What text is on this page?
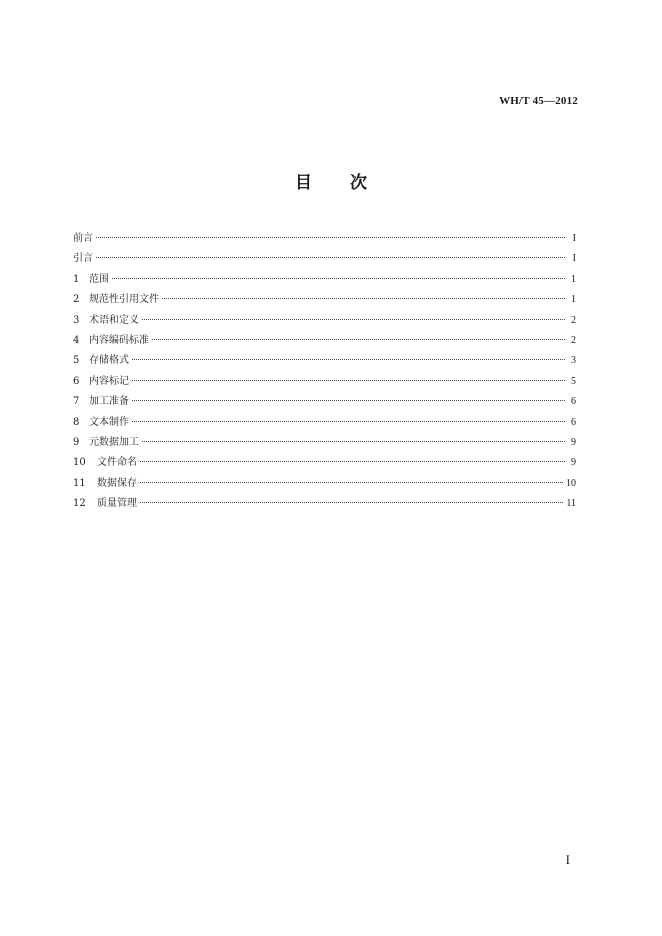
WH/T 45—2012
目 次
前言	I
引言	I
1 范围	1
2 规范性引用文件	1
3 术语和定义	2
4 内容编码标准	2
5 存储格式	3
6 内容标记	5
7 加工准备	6
8 文本制作	6
9 元数据加工	9
10	文件命名	9
11	数据保存	10
12	质量管理	11
I
